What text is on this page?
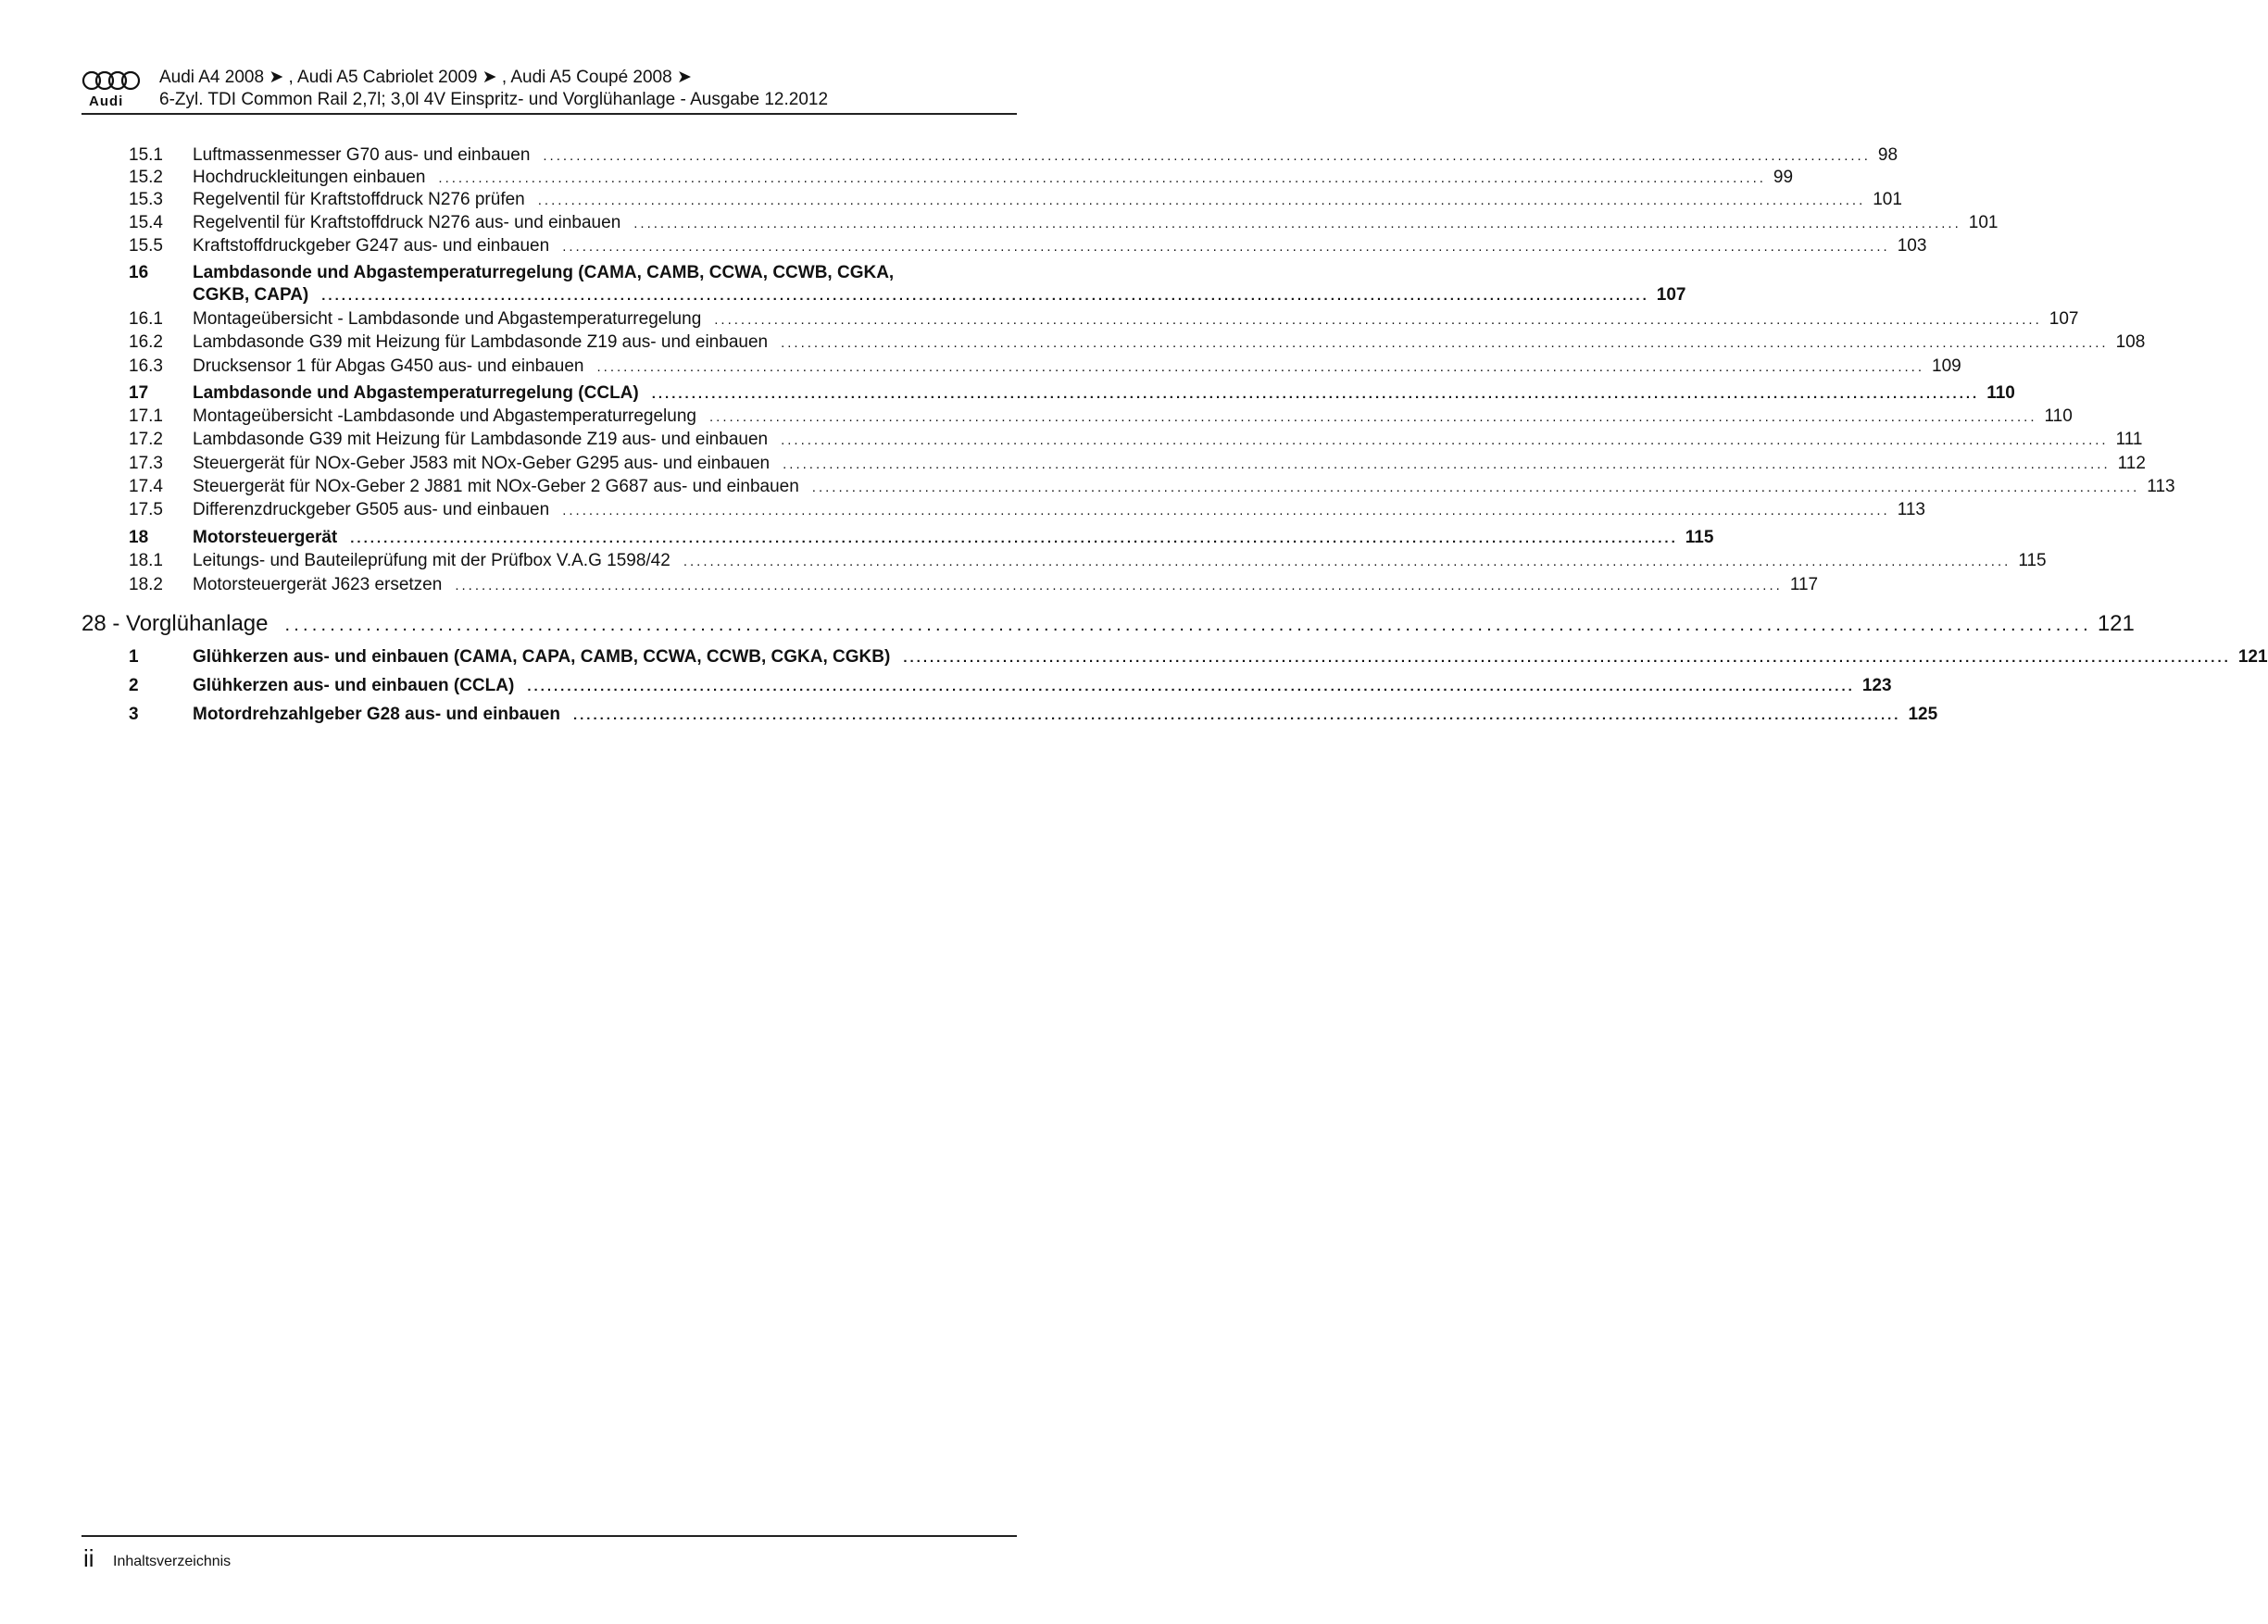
Audi
Audi A4 2008 ➤ , Audi A5 Cabriolet 2009 ➤ , Audi A5 Coupé 2008 ➤
6-Zyl. TDI Common Rail 2,7l; 3,0l 4V Einspritz- und Vorglühanlage - Ausgabe 12.2012
15.1 Luftmassenmesser G70 aus- und einbauen ........................................................................................................................................................................................................ 98
15.2 Hochdruckleitungen einbauen ........................................................................................................................................................................................................ 99
15.3 Regelventil für Kraftstoffdruck N276 prüfen ........................................................................................................................................................................................................ 101
15.4 Regelventil für Kraftstoffdruck N276 aus- und einbauen ........................................................................................................................................................................................................ 101
15.5 Kraftstoffdruckgeber G247 aus- und einbauen ........................................................................................................................................................................................................ 103
16	Lambdasonde und Abgastemperaturregelung (CAMA, CAMB, CCWA, CCWB, CGKA,
CGKB, CAPA) ........................................................................................................................................................................................................ 107
16.1 Montageübersicht - Lambdasonde und Abgastemperaturregelung ........................................................................................................................................................................................................ 107
16.2 Lambdasonde G39 mit Heizung für Lambdasonde Z19 aus- und einbauen ........................................................................................................................................................................................................ 108
16.3 Drucksensor 1 für Abgas G450 aus- und einbauen ........................................................................................................................................................................................................ 109
17	Lambdasonde und Abgastemperaturregelung (CCLA) ........................................................................................................................................................................................................ 110
17.1 Montageübersicht -Lambdasonde und Abgastemperaturregelung ........................................................................................................................................................................................................ 110
17.2 Lambdasonde G39 mit Heizung für Lambdasonde Z19 aus- und einbauen ........................................................................................................................................................................................................ 111
17.3 Steuergerät für NOx-Geber J583 mit NOx-Geber G295 aus- und einbauen ........................................................................................................................................................................................................ 112
17.4 Steuergerät für NOx-Geber 2 J881 mit NOx-Geber 2 G687 aus- und einbauen ........................................................................................................................................................................................................ 113
17.5 Differenzdruckgeber G505 aus- und einbauen ........................................................................................................................................................................................................ 113
18	Motorsteuergerät ........................................................................................................................................................................................................ 115
18.1 Leitungs- und Bauteileprüfung mit der Prüfbox V.A.G 1598/42 ........................................................................................................................................................................................................ 115
18.2 Motorsteuergerät J623 ersetzen ........................................................................................................................................................................................................ 117
28 - Vorglühanlage ........................................................................................................................................................................................................ 121
1	Glühkerzen aus- und einbauen (CAMA, CAPA, CAMB, CCWA, CCWB, CGKA, CGKB) ........................................................................................................................................................................................................ 121
2	Glühkerzen aus- und einbauen (CCLA) ........................................................................................................................................................................................................ 123
3	Motordrehzahlgeber G28 aus- und einbauen ........................................................................................................................................................................................................ 125
ii Inhaltsverzeichnis
